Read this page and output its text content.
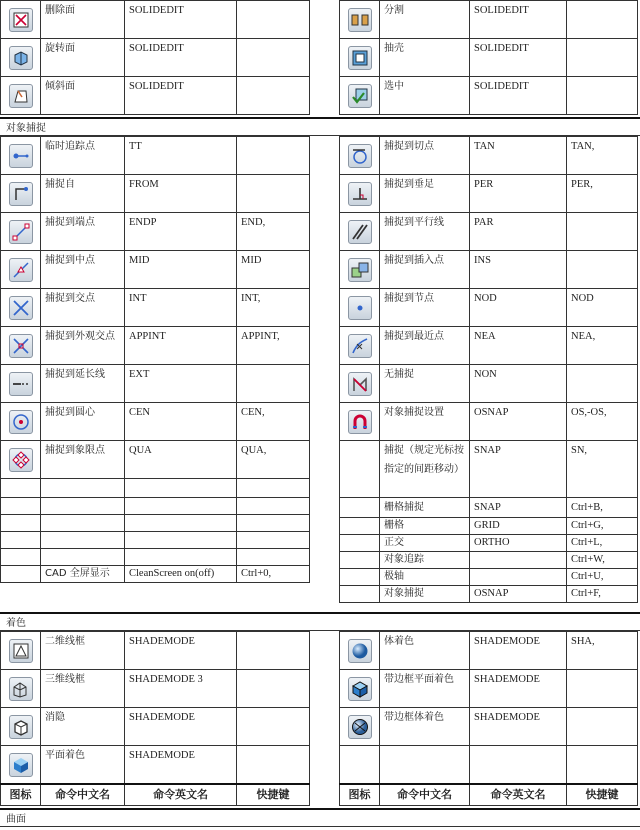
	删除面	SOLIDEDIT	

	旋转面	SOLIDEDIT	

	倾斜面	SOLIDEDIT	
	分割	SOLIDEDIT	

	抽壳	SOLIDEDIT	

	选中	SOLIDEDIT	
对象捕捉
	临时追踪点	TT	

	捕捉自	FROM	

	捕捉到端点	ENDP	END,

	捕捉到中点	MID	MID

	捕捉到交点	INT	INT,

	捕捉到外观交点	APPINT	APPINT,

	捕捉到延长线	EXT	

	捕捉到圆心	CEN	CEN,

	捕捉到象限点	QUA	QUA,

	CAD 全屏显示	CleanScreen on(off)	Ctrl+0,
	捕捉到切点	TAN	TAN,

	捕捉到垂足	PER	PER,

	捕捉到平行线	PAR	

	捕捉到插入点	INS	

	捕捉到节点	NOD	NOD

	捕捉到最近点	NEA	NEA,

	无捕捉	NON	

	对象捕捉设置	OSNAP	OS,-OS,
	捕捉（规定光标按指定的间距移动）	SNAP	SN,
	栅格捕捉	SNAP	Ctrl+B,
	栅格	GRID	Ctrl+G,
	正交	ORTHO	Ctrl+L,
	对象追踪		Ctrl+W,
	极轴		Ctrl+U,
	对象捕捉	OSNAP	Ctrl+F,
着色
	二维线框	SHADEMODE	

	三维线框	SHADEMODE 3	

	消隐	SHADEMODE	

	平面着色	SHADEMODE	
图标	命令中文名	命令英文名	快捷键
	体着色	SHADEMODE	SHA,

	带边框平面着色	SHADEMODE	

	带边框体着色	SHADEMODE	

图标	命令中文名	命令英文名	快捷键
曲面
